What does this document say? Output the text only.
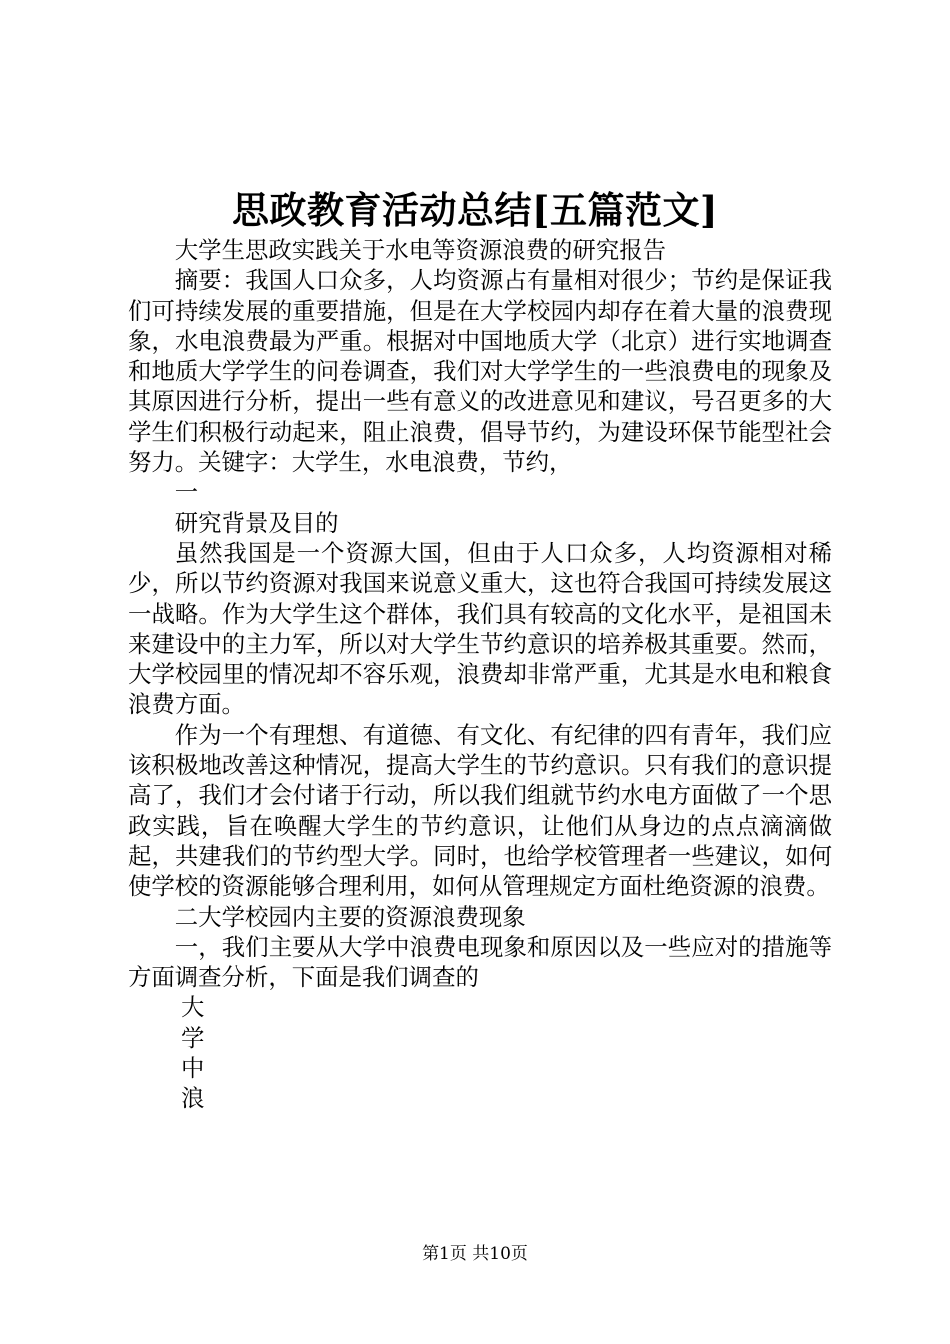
思政教育活动总结[五篇范文]

大学生思政实践关于水电等资源浪费的研究报告

摘要：我国人口众多，人均资源占有量相对很少；节约是保证我们可持续发展的重要措施，但是在大学校园内却存在着大量的浪费现象，水电浪费最为严重。根据对中国地质大学（北京）进行实地调查和地质大学学生的问卷调查，我们对大学学生的一些浪费电的现象及其原因进行分析，提出一些有意义的改进意见和建议，号召更多的大学生们积极行动起来，阻止浪费，倡导节约，为建设环保节能型社会努力。关键字：大学生，水电浪费，节约，

一

研究背景及目的

虽然我国是一个资源大国，但由于人口众多，人均资源相对稀少，所以节约资源对我国来说意义重大，这也符合我国可持续发展这一战略。作为大学生这个群体，我们具有较高的文化水平，是祖国未来建设中的主力军，所以对大学生节约意识的培养极其重要。然而，大学校园里的情况却不容乐观，浪费却非常严重，尤其是水电和粮食浪费方面。

作为一个有理想、有道德、有文化、有纪律的四有青年，我们应该积极地改善这种情况，提高大学生的节约意识。只有我们的意识提高了，我们才会付诸于行动，所以我们组就节约水电方面做了一个思政实践，旨在唤醒大学生的节约意识，让他们从身边的点点滴滴做起，共建我们的节约型大学。同时，也给学校管理者一些建议，如何使学校的资源能够合理利用，如何从管理规定方面杜绝资源的浪费。

二大学校园内主要的资源浪费现象

一，我们主要从大学中浪费电现象和原因以及一些应对的措施等方面调查分析，下面是我们调查的

大
学
中
浪
第1页 共10页
